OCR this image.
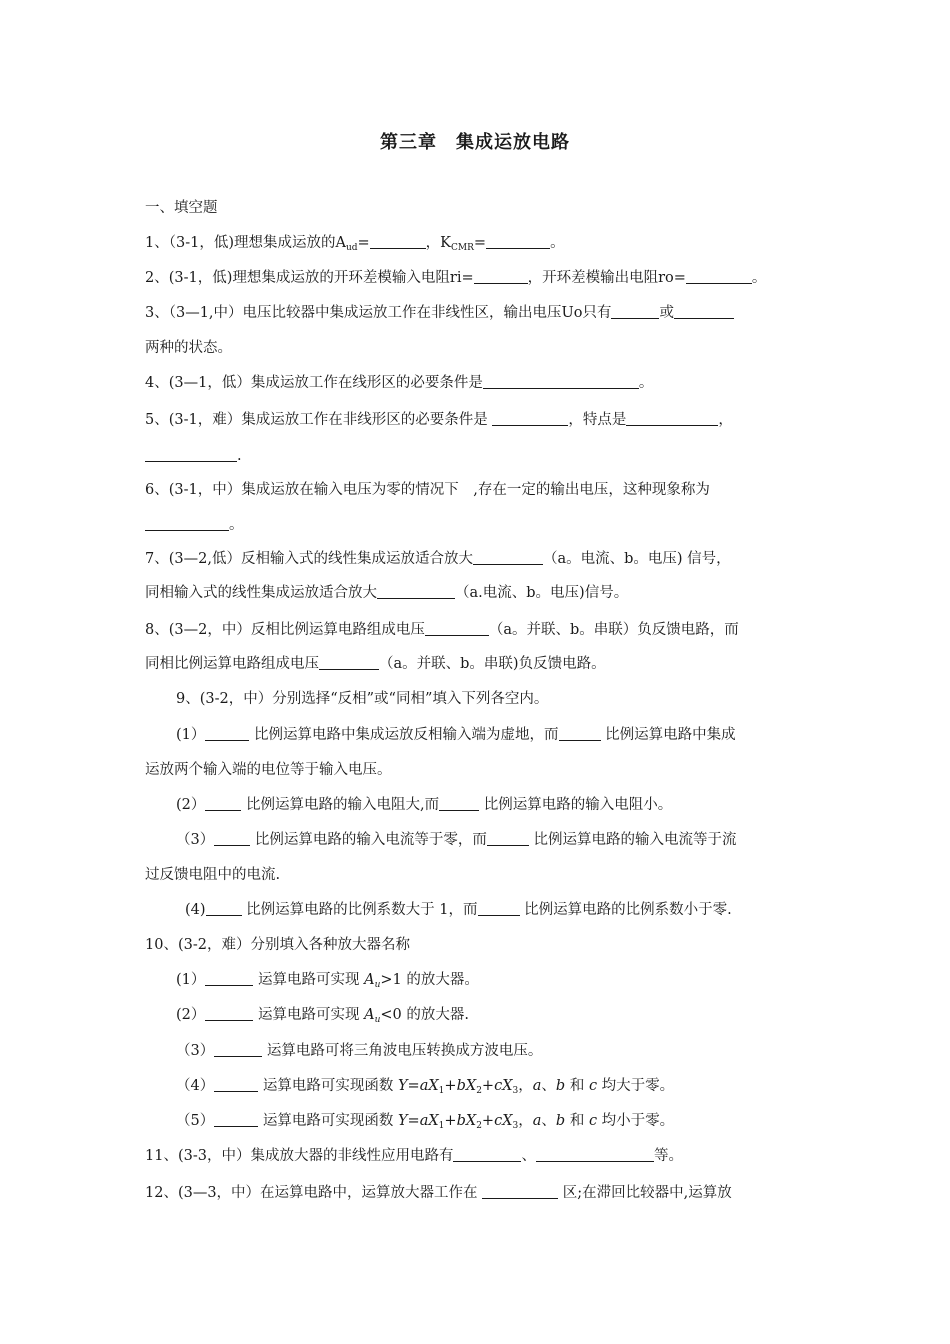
第三章　集成运放电路
一、填空题
1、（3-1，低)理想集成运放的$A_{ud}=$	，$K_{CMR}=$	。
2、(3-1，低)理想集成运放的开环差模输入电阻ri=	，开环差模输出电阻ro=	。
3、（3—1,中）电压比较器中集成运放工作在非线性区，输出电压Uo只有	或
两种的状态。
4、(3—1，低）集成运放工作在线形区的必要条件是	。
5、(3-1，难）集成运放工作在非线形区的必要条件是	，特点是	，
.
6、(3-1，中）集成运放在输入电压为零的情况下　,存在一定的输出电压，这种现象称为
。
7、(3—2,低）反相输入式的线性集成运放适合放大	（a。电流、b。电压) 信号，
同相输入式的线性集成运放适合放大	（a.电流、b。电压)信号。
8、(3—2，中）反相比例运算电路组成电压	（a。并联、b。串联）负反馈电路，而
同相比例运算电路组成电压	（a。并联、b。串联)负反馈电路。
9、(3-2，中）分别选择“反相”或“同相”填入下列各空内。
(1）	比例运算电路中集成运放反相输入端为虚地，而	比例运算电路中集成
运放两个输入端的电位等于输入电压。
(2） 比例运算电路的输入电阻大,而	比例运算电路的输入电阻小。
（3） 比例运算电路的输入电流等于零，而	比例运算电路的输入电流等于流
过反馈电阻中的电流.
(4) 比例运算电路的比例系数大于 1，而	比例运算电路的比例系数小于零.
10、(3-2，难）分别填入各种放大器名称
(1）	运算电路可实现 $A_u>1$ 的放大器。
(2）	运算电路可实现 $A_u<0$ 的放大器.
（3）	运算电路可将三角波电压转换成方波电压。
（4）	运算电路可实现函数 $Y=aX_1+bX_2+cX_3$，a、b 和 c 均大于零。
（5）	运算电路可实现函数 $Y=aX_1+bX_2+cX_3$，a、b 和 c 均小于零。
11、(3-3，中）集成放大器的非线性应用电路有	、	等。
12、(3—3，中）在运算电路中，运算放大器工作在	区;在滞回比较器中,运算放
